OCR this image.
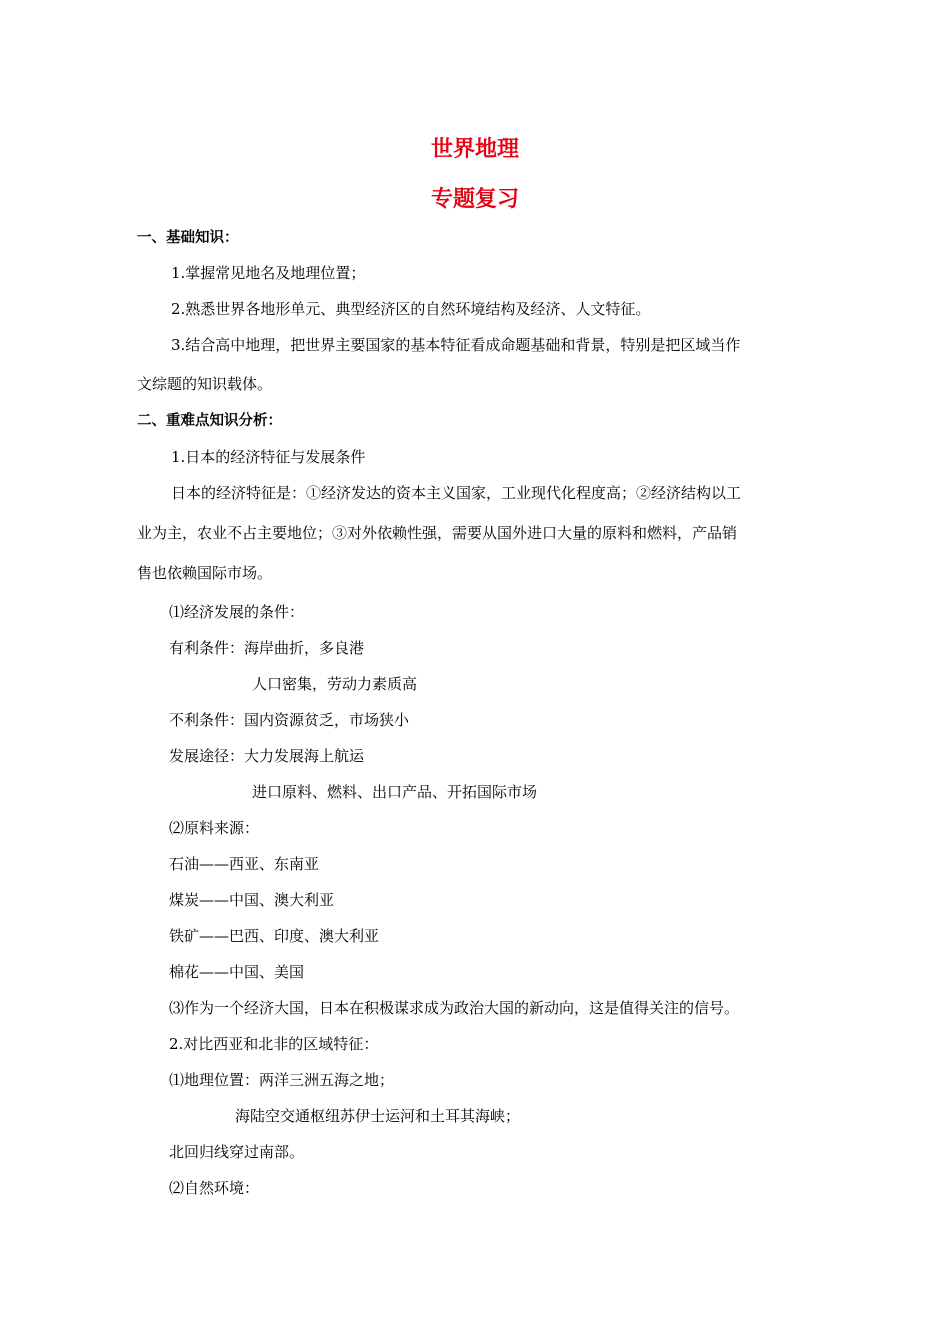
世界地理
专题复习
一、基础知识：
1.掌握常见地名及地理位置；
2.熟悉世界各地形单元、典型经济区的自然环境结构及经济、人文特征。
3.结合高中地理，把世界主要国家的基本特征看成命题基础和背景，特别是把区域当作
文综题的知识载体。
二、重难点知识分析：
1.日本的经济特征与发展条件
日本的经济特征是：①经济发达的资本主义国家，工业现代化程度高；②经济结构以工
业为主，农业不占主要地位；③对外依赖性强，需要从国外进口大量的原料和燃料，产品销
售也依赖国际市场。
⑴经济发展的条件：
有利条件：海岸曲折，多良港
人口密集，劳动力素质高
不利条件：国内资源贫乏，市场狭小
发展途径：大力发展海上航运
进口原料、燃料、出口产品、开拓国际市场
⑵原料来源：
石油——西亚、东南亚
煤炭——中国、澳大利亚
铁矿——巴西、印度、澳大利亚
棉花——中国、美国
⑶作为一个经济大国，日本在积极谋求成为政治大国的新动向，这是值得关注的信号。
2.对比西亚和北非的区域特征：
⑴地理位置：两洋三洲五海之地；
海陆空交通枢纽苏伊士运河和土耳其海峡；
北回归线穿过南部。
⑵自然环境：
